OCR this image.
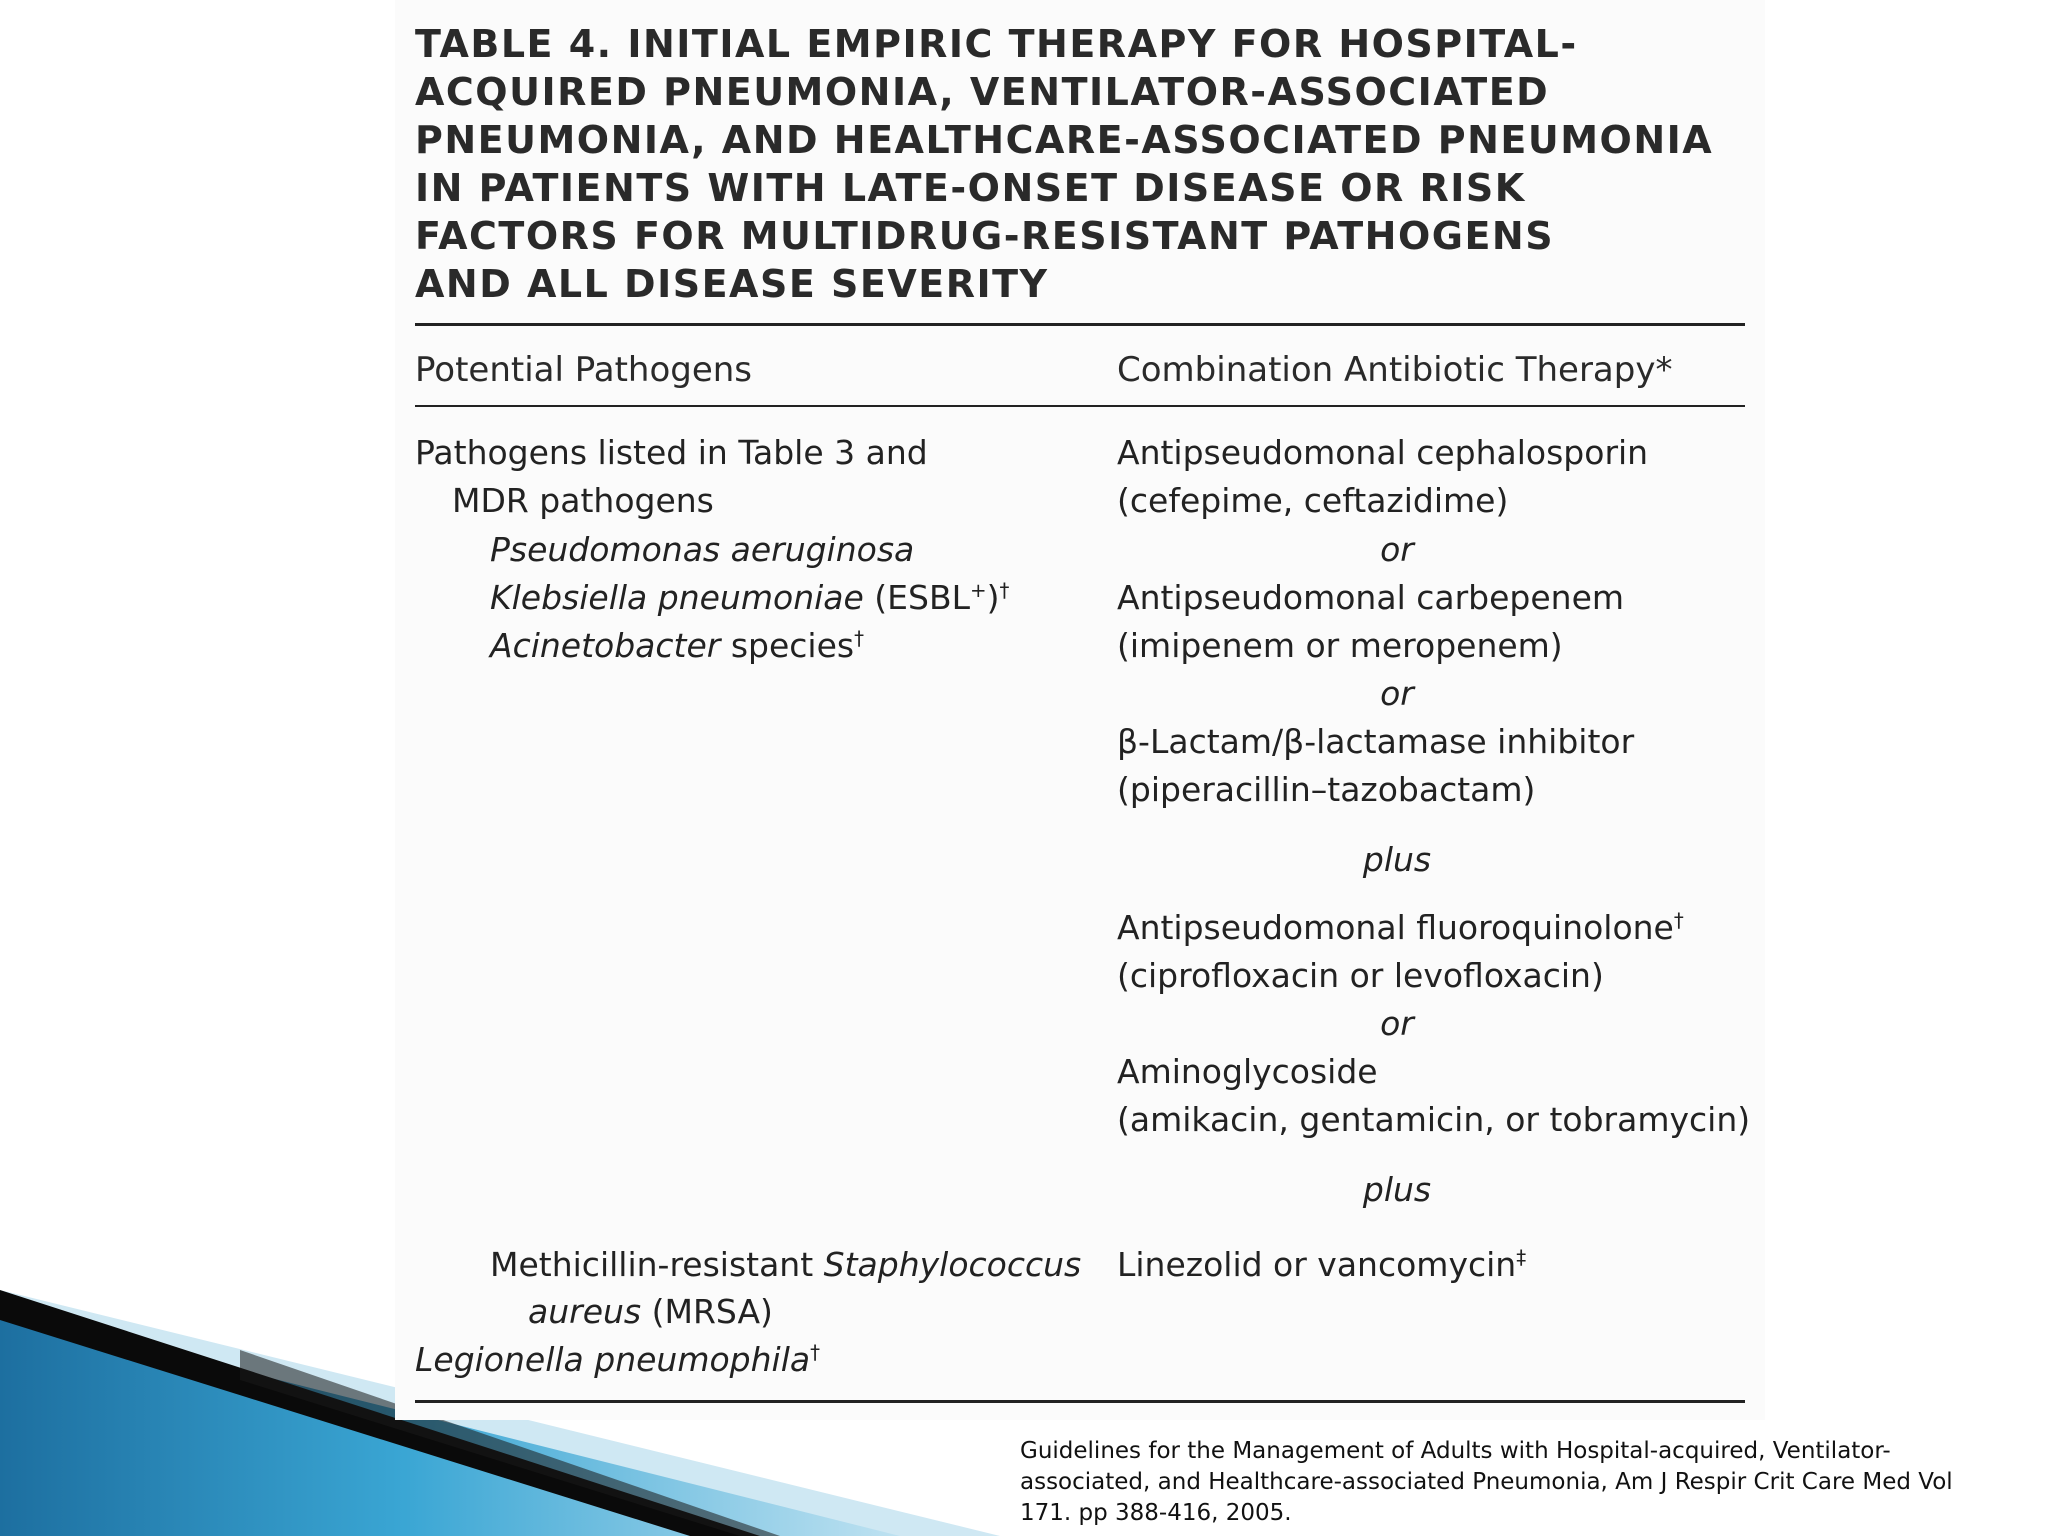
TABLE 4. INITIAL EMPIRIC THERAPY FOR HOSPITAL-
ACQUIRED PNEUMONIA, VENTILATOR-ASSOCIATED
PNEUMONIA, AND HEALTHCARE-ASSOCIATED PNEUMONIA
IN PATIENTS WITH LATE-ONSET DISEASE OR RISK
FACTORS FOR MULTIDRUG-RESISTANT PATHOGENS
AND ALL DISEASE SEVERITY
Potential Pathogens	Combination Antibiotic Therapy*
Pathogens listed in Table 3 and
MDR pathogens
Pseudomonas aeruginosa
Klebsiella pneumoniae (ESBL+)†
Acinetobacter species†
Methicillin-resistant Staphylococcus
aureus (MRSA)
Legionella pneumophila†
Antipseudomonal cephalosporin
(cefepime, ceftazidime)
or
Antipseudomonal carbepenem
(imipenem or meropenem)
or
β-Lactam/β-lactamase inhibitor
(piperacillin–tazobactam)
plus
Antipseudomonal fluoroquinolone†
(ciprofloxacin or levofloxacin)
or
Aminoglycoside
(amikacin, gentamicin, or tobramycin)
plus
Linezolid or vancomycin‡
Guidelines for the Management of Adults with Hospital-acquired, Ventilator-
associated, and Healthcare-associated Pneumonia, Am J Respir Crit Care Med Vol
171. pp 388-416, 2005.
